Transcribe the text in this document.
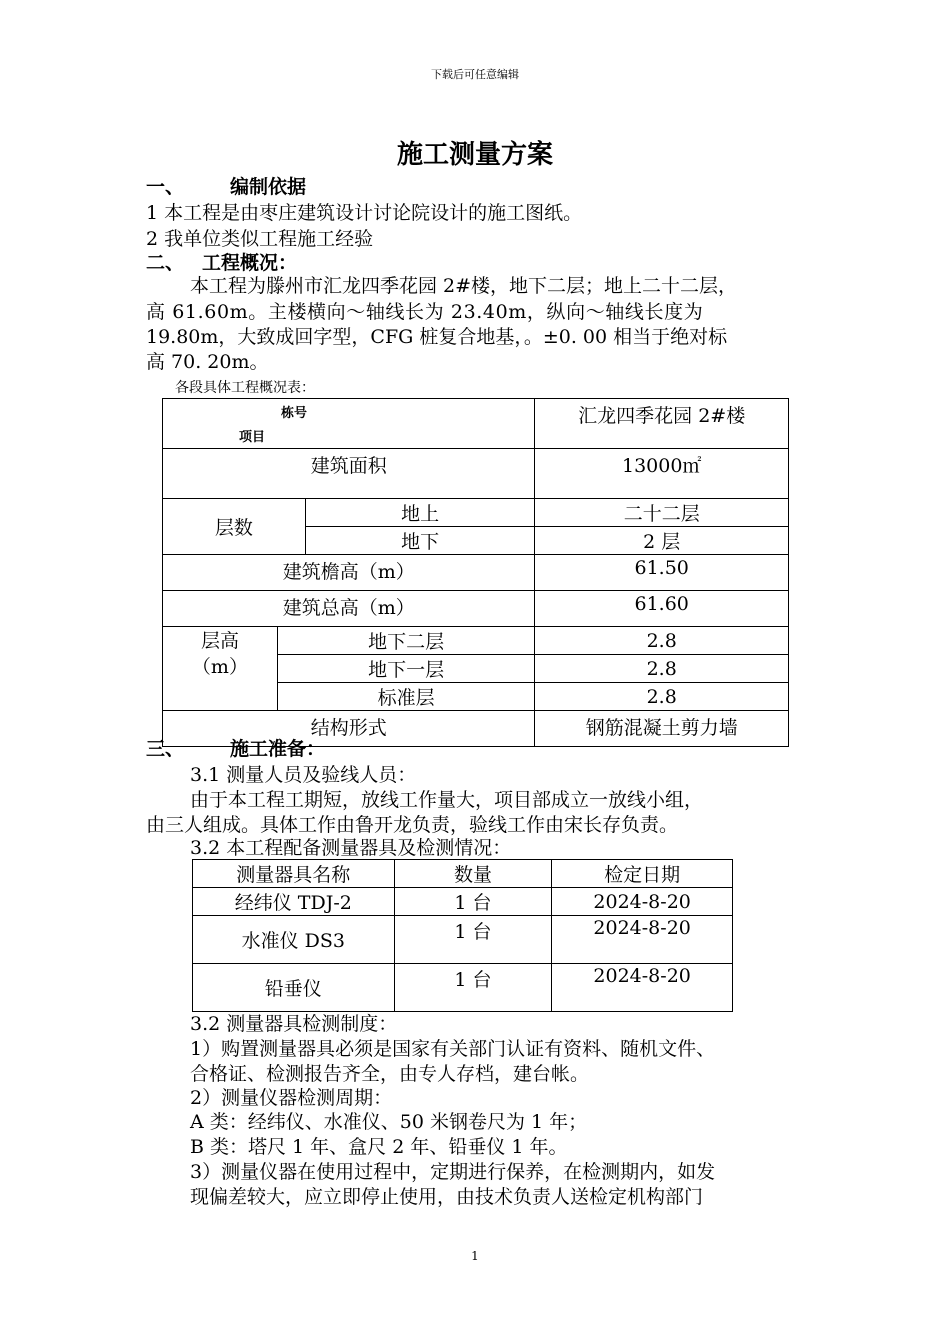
下载后可任意编辑
施工测量方案
一、 编制依据
1 本工程是由枣庄建筑设计讨论院设计的施工图纸。
2 我单位类似工程施工经验
二、 工程概况：
本工程为滕州市汇龙四季花园 2#楼，地下二层；地上二十二层，
高 61.60m。主楼横向～轴线长为 23.40m，纵向～轴线长度为
19.80m，大致成回字型，CFG 桩复合地基，。±0. 00 相当于绝对标
高 70. 20m。
各段具体工程概况表：
栋号
项目			汇龙四季花园 2#楼
建筑面积			13000㎡
层数		地上	二十二层
		地下	2 层
建筑檐高（m）			61.50
建筑总高（m）			61.60

层高
（m）	地下二层		2.8
	地下一层		2.8
	标准层		2.8
结构形式			钢筋混凝土剪力墙
三、 施工准备：
3.1 测量人员及验线人员：
由于本工程工期短，放线工作量大，项目部成立一放线小组，
由三人组成。具体工作由鲁开龙负责，验线工作由宋长存负责。
3.2 本工程配备测量器具及检测情况：
测量器具名称	数量	检定日期
经纬仪 TDJ-2	1 台	2024-8-20
水准仪 DS3	1 台	2024-8-20
铅垂仪	1 台	2024-8-20
3.2 测量器具检测制度：
1）购置测量器具必须是国家有关部门认证有资料、随机文件、
合格证、检测报告齐全，由专人存档，建台帐。
2）测量仪器检测周期：
A 类：经纬仪、水准仪、50 米钢卷尺为 1 年；
B 类：塔尺 1 年、盒尺 2 年、铅垂仪 1 年。
3）测量仪器在使用过程中，定期进行保养，在检测期内，如发
现偏差较大，应立即停止使用，由技术负责人送检定机构部门
1
